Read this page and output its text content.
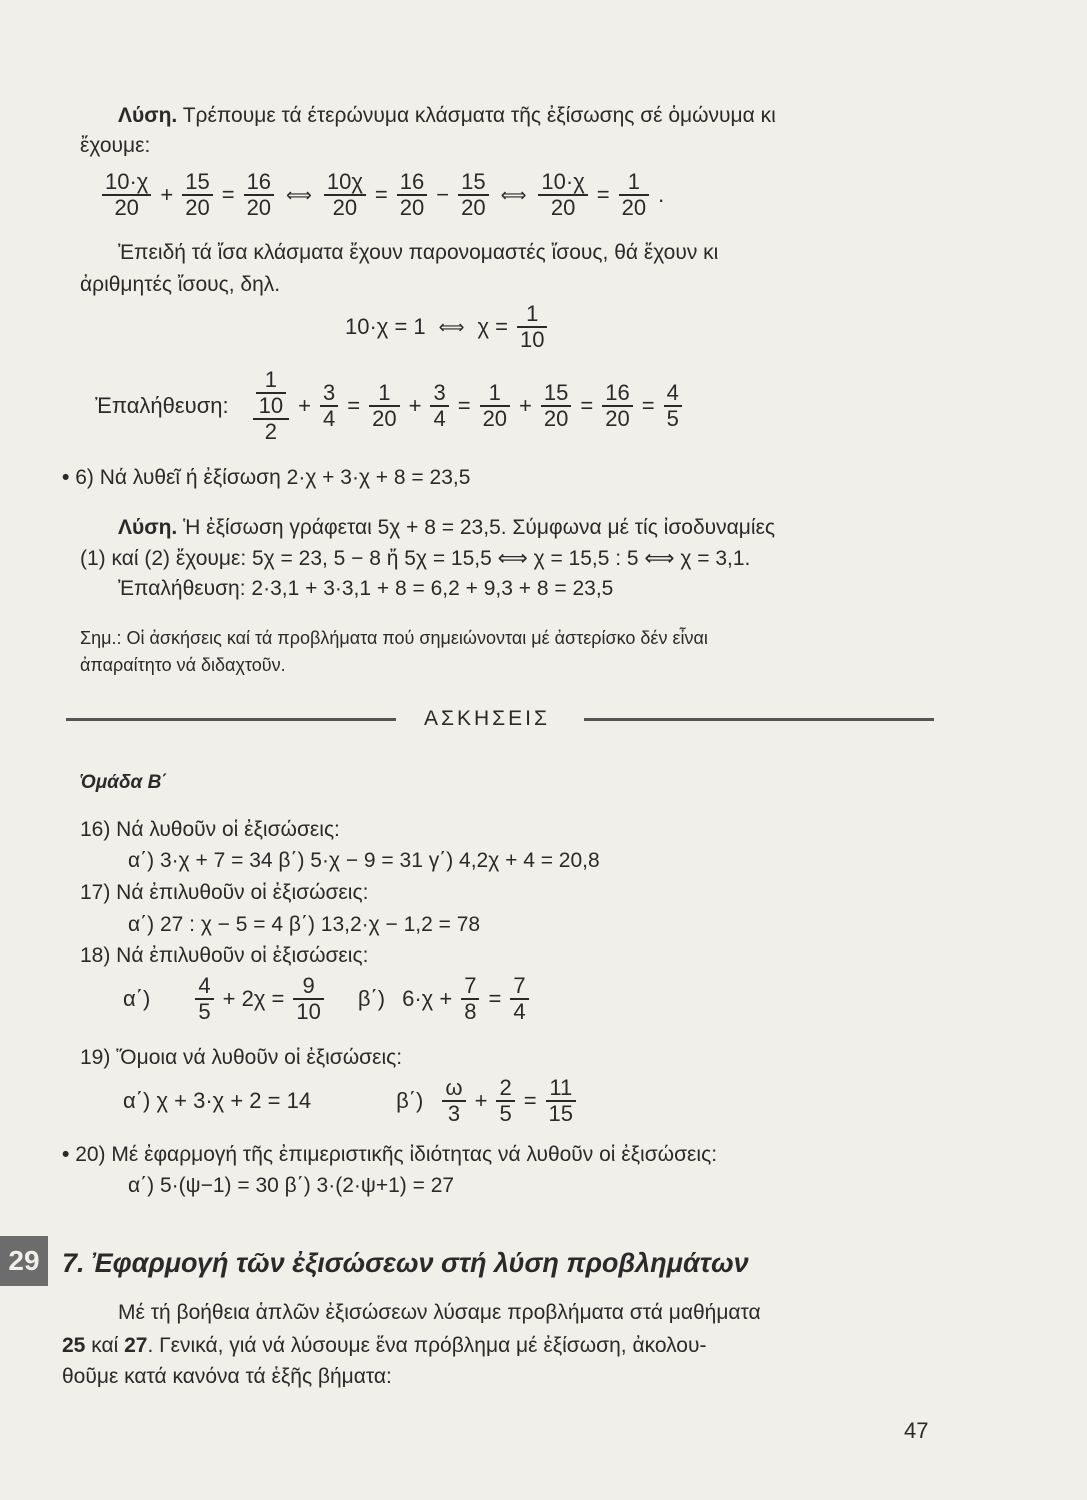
Λύση. Τρέπουμε τά έτερώνυμα κλάσματα τῆς ἐξίσωσης σέ ὁμώνυμα κι
ἔχουμε:
$\frac{10\cdot\chi}{20} + \frac{15}{20} = \frac{16}{20}$ ⟺ $\frac{10\chi}{20} = \frac{16}{20} - \frac{15}{20}$ ⟺ $\frac{10\cdot\chi}{20} = \frac{1}{20}$ .
Ἐπειδή τά ἴσα κλάσματα ἔχουν παρονομαστές ἴσους, θά ἔχουν κι
ἀριθμητές ἴσους, δηλ.
10·χ = 1 ⟺ $\chi = \frac{1}{10}$
Ἐπαλήθευση: $\frac{\frac{1}{10}}{2} + \frac{3}{4} = \frac{1}{20} + \frac{3}{4} = \frac{1}{20} + \frac{15}{20} = \frac{16}{20} = \frac{4}{5}$
• 6) Νά λυθεῖ ή ἐξίσωση 2·χ + 3·χ + 8 = 23,5
Λύση. Ἡ ἐξίσωση γράφεται 5χ + 8 = 23,5. Σύμφωνα μέ τίς ἰσοδυναμίες
(1) καί (2) ἔχουμε: 5χ = 23, 5 − 8 ἤ 5χ = 15,5 ⟺ χ = 15,5 : 5 ⟺ χ = 3,1.
Ἐπαλήθευση: 2·3,1 + 3·3,1 + 8 = 6,2 + 9,3 + 8 = 23,5
Σημ.: Οἱ ἀσκήσεις καί τά προβλήματα πού σημειώνονται μέ ἀστερίσκο δέν εἶναι
ἀπαραίτητο νά διδαχτοῦν.
ΑΣΚΗΣΕΙΣ
Ὁμάδα Β΄
16) Νά λυθοῦν οἱ ἐξισώσεις:
α΄) 3·χ + 7 = 34 β΄) 5·χ − 9 = 31 γ΄) 4,2χ + 4 = 20,8
17) Νά ἐπιλυθοῦν οἱ ἐξισώσεις:
α΄) 27 : χ − 5 = 4 β΄) 13,2·χ − 1,2 = 78
18) Νά ἐπιλυθοῦν οἱ ἐξισώσεις:
$\alpha΄) \frac{4}{5} + 2\chi = \frac{9}{10} \beta΄$) $6\cdot\chi + \frac{7}{8} = \frac{7}{4}$
19) Ὅμοια νά λυθοῦν οἱ ἐξισώσεις:
α΄) χ + 3·χ + 2 = 14	$\beta΄) \frac{\omega}{3} + \frac{2}{5} = \frac{11}{15}$
• 20) Μέ ἐφαρμογή τῆς ἐπιμεριστικῆς ἰδιότητας νά λυθοῦν οἱ ἐξισώσεις:
α΄) 5·(ψ−1) = 30 β΄) 3·(2·ψ+1) = 27
29 7. Ἐφαρμογή τῶν ἐξισώσεων στή λύση προβλημάτων
Μέ τή βοήθεια ἁπλῶν ἐξισώσεων λύσαμε προβλήματα στά μαθήματα
25 καί 27. Γενικά, γιά νά λύσουμε ἕνα πρόβλημα μέ ἐξίσωση, ἀκολου-
θοῦμε κατά κανόνα τά ἑξῆς βήματα:
47
